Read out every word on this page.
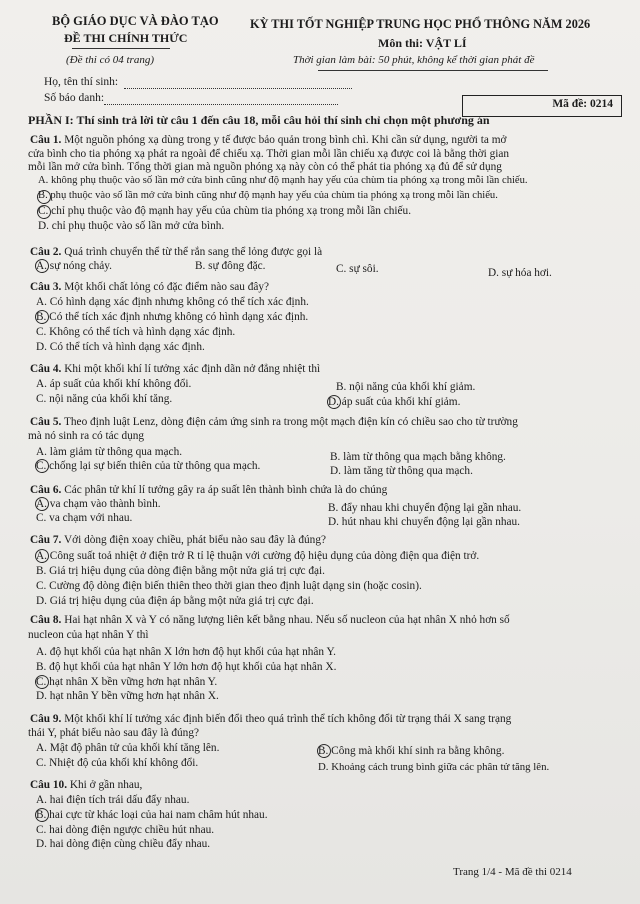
BỘ GIÁO DỤC VÀ ĐÀO TẠO
ĐỀ THI CHÍNH THỨC
(Đề thi có 04 trang)
KỲ THI TỐT NGHIỆP TRUNG HỌC PHỔ THÔNG NĂM 2026
Môn thi: VẬT LÍ
Thời gian làm bài: 50 phút, không kể thời gian phát đề
Họ, tên thí sinh:
Số báo danh:	Mã đề: 0214
PHẦN I: Thí sinh trả lời từ câu 1 đến câu 18, mỗi câu hỏi thí sinh chỉ chọn một phương án
Câu 1. Một nguồn phóng xạ dùng trong y tế được bảo quản trong bình chì. Khi cần sử dụng, người ta mở
cửa bình cho tia phóng xạ phát ra ngoài để chiếu xạ. Thời gian mỗi lần chiếu xạ được coi là bằng thời gian
mỗi lần mở cửa bình. Tổng thời gian mà nguồn phóng xạ này còn có thể phát tia phóng xạ đủ để sử dụng
A. không phụ thuộc vào số lần mở cửa bình cũng như độ mạnh hay yếu của chùm tia phóng xạ trong mỗi lần chiếu.
B. phụ thuộc vào số lần mở cửa bình cũng như độ mạnh hay yếu của chùm tia phóng xạ trong mỗi lần chiếu.
C. chỉ phụ thuộc vào độ mạnh hay yếu của chùm tia phóng xạ trong mỗi lần chiếu.
D. chỉ phụ thuộc vào số lần mở cửa bình.
Câu 2. Quá trình chuyển thể từ thể rắn sang thể lỏng được gọi là
A. sự nóng chảy.	B. sự đông đặc.	C. sự sôi.	D. sự hóa hơi.
Câu 3. Một khối chất lỏng có đặc điểm nào sau đây?
A. Có hình dạng xác định nhưng không có thể tích xác định.
B. Có thể tích xác định nhưng không có hình dạng xác định.
C. Không có thể tích và hình dạng xác định.
D. Có thể tích và hình dạng xác định.
Câu 4. Khi một khối khí lí tưởng xác định dãn nở đẳng nhiệt thì
A. áp suất của khối khí không đổi.	B. nội năng của khối khí giảm.
C. nội năng của khối khí tăng.	D. áp suất của khối khí giảm.
Câu 5. Theo định luật Lenz, dòng điện cảm ứng sinh ra trong một mạch điện kín có chiều sao cho từ trường
mà nó sinh ra có tác dụng
A. làm giảm từ thông qua mạch.	B. làm từ thông qua mạch bằng không.
C. chống lại sự biến thiên của từ thông qua mạch.	D. làm tăng từ thông qua mạch.
Câu 6. Các phân tử khí lí tưởng gây ra áp suất lên thành bình chứa là do chúng
A. va chạm vào thành bình.	B. đẩy nhau khi chuyển động lại gần nhau.
C. va chạm với nhau.	D. hút nhau khi chuyển động lại gần nhau.
Câu 7. Với dòng điện xoay chiều, phát biểu nào sau đây là đúng?
A. Công suất toả nhiệt ở điện trở R tỉ lệ thuận với cường độ hiệu dụng của dòng điện qua điện trở.
B. Giá trị hiệu dụng của dòng điện bằng một nửa giá trị cực đại.
C. Cường độ dòng điện biến thiên theo thời gian theo định luật dạng sin (hoặc cosin).
D. Giá trị hiệu dụng của điện áp bằng một nửa giá trị cực đại.
Câu 8. Hai hạt nhân X và Y có năng lượng liên kết bằng nhau. Nếu số nucleon của hạt nhân X nhỏ hơn số
nucleon của hạt nhân Y thì
A. độ hụt khối của hạt nhân X lớn hơn độ hụt khối của hạt nhân Y.
B. độ hụt khối của hạt nhân Y lớn hơn độ hụt khối của hạt nhân X.
C. hạt nhân X bền vững hơn hạt nhân Y.
D. hạt nhân Y bền vững hơn hạt nhân X.
Câu 9. Một khối khí lí tưởng xác định biến đổi theo quá trình thể tích không đổi từ trạng thái X sang trạng
thái Y, phát biểu nào sau đây là đúng?
A. Mật độ phân tử của khối khí tăng lên.	B. Công mà khối khí sinh ra bằng không.
C. Nhiệt độ của khối khí không đổi.	D. Khoảng cách trung bình giữa các phân tử tăng lên.
Câu 10. Khi ở gần nhau,
A. hai điện tích trái dấu đẩy nhau.
B. hai cực từ khác loại của hai nam châm hút nhau.
C. hai dòng điện ngược chiều hút nhau.
D. hai dòng điện cùng chiều đẩy nhau.
Trang 1/4 - Mã đề thi 0214
